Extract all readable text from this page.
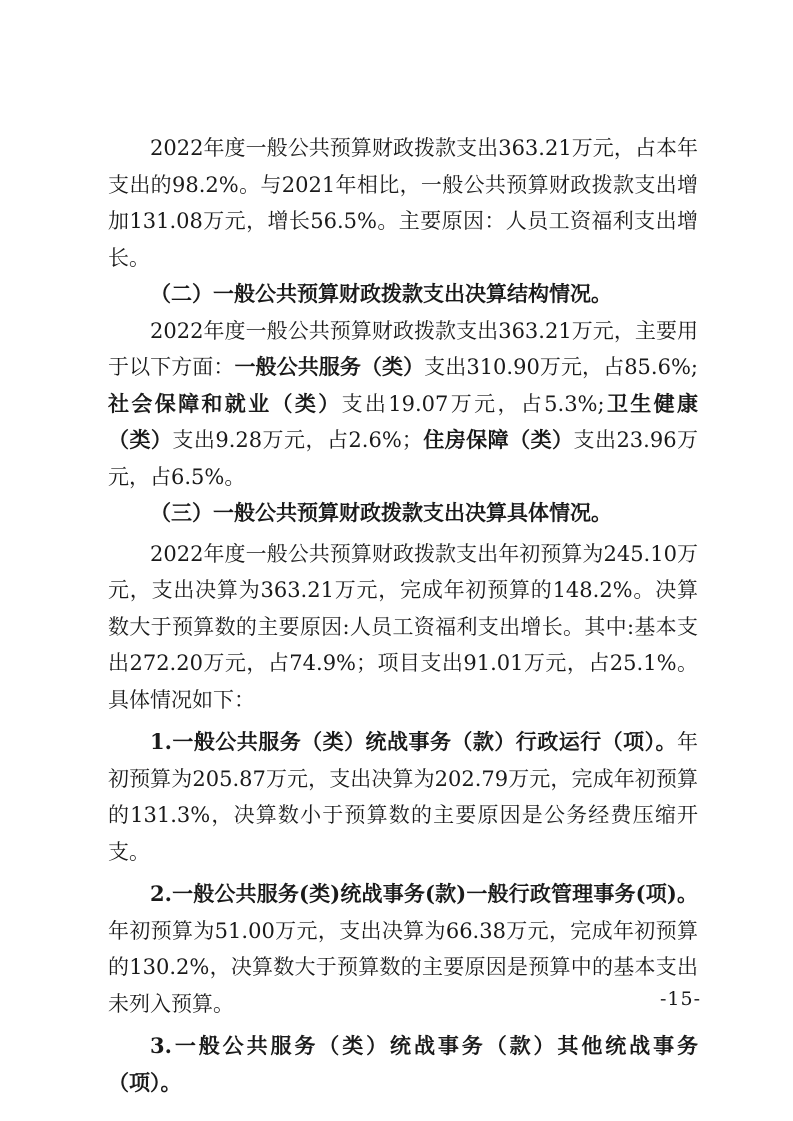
2022年度一般公共预算财政拨款支出363.21万元，占本年支出的98.2%。与2021年相比，一般公共预算财政拨款支出增加131.08万元，增长56.5%。主要原因：人员工资福利支出增长。

（二）一般公共预算财政拨款支出决算结构情况。

2022年度一般公共预算财政拨款支出363.21万元，主要用于以下方面：一般公共服务（类）支出310.90万元，占85.6%;社会保障和就业（类）支出19.07万元，占5.3%;卫生健康（类）支出9.28万元，占2.6%；住房保障（类）支出23.96万元，占6.5%。

（三）一般公共预算财政拨款支出决算具体情况。

2022年度一般公共预算财政拨款支出年初预算为245.10万元，支出决算为363.21万元，完成年初预算的148.2%。决算数大于预算数的主要原因:人员工资福利支出增长。其中:基本支出272.20万元，占74.9%；项目支出91.01万元，占25.1%。具体情况如下：

1.一般公共服务（类）统战事务（款）行政运行（项）。年初预算为205.87万元，支出决算为202.79万元，完成年初预算的131.3%，决算数小于预算数的主要原因是公务经费压缩开支。

2.一般公共服务(类)统战事务(款)一般行政管理事务(项)。年初预算为51.00万元，支出决算为66.38万元，完成年初预算的130.2%，决算数大于预算数的主要原因是预算中的基本支出未列入预算。

3.一般公共服务（类）统战事务（款）其他统战事务（项）。

-15-
